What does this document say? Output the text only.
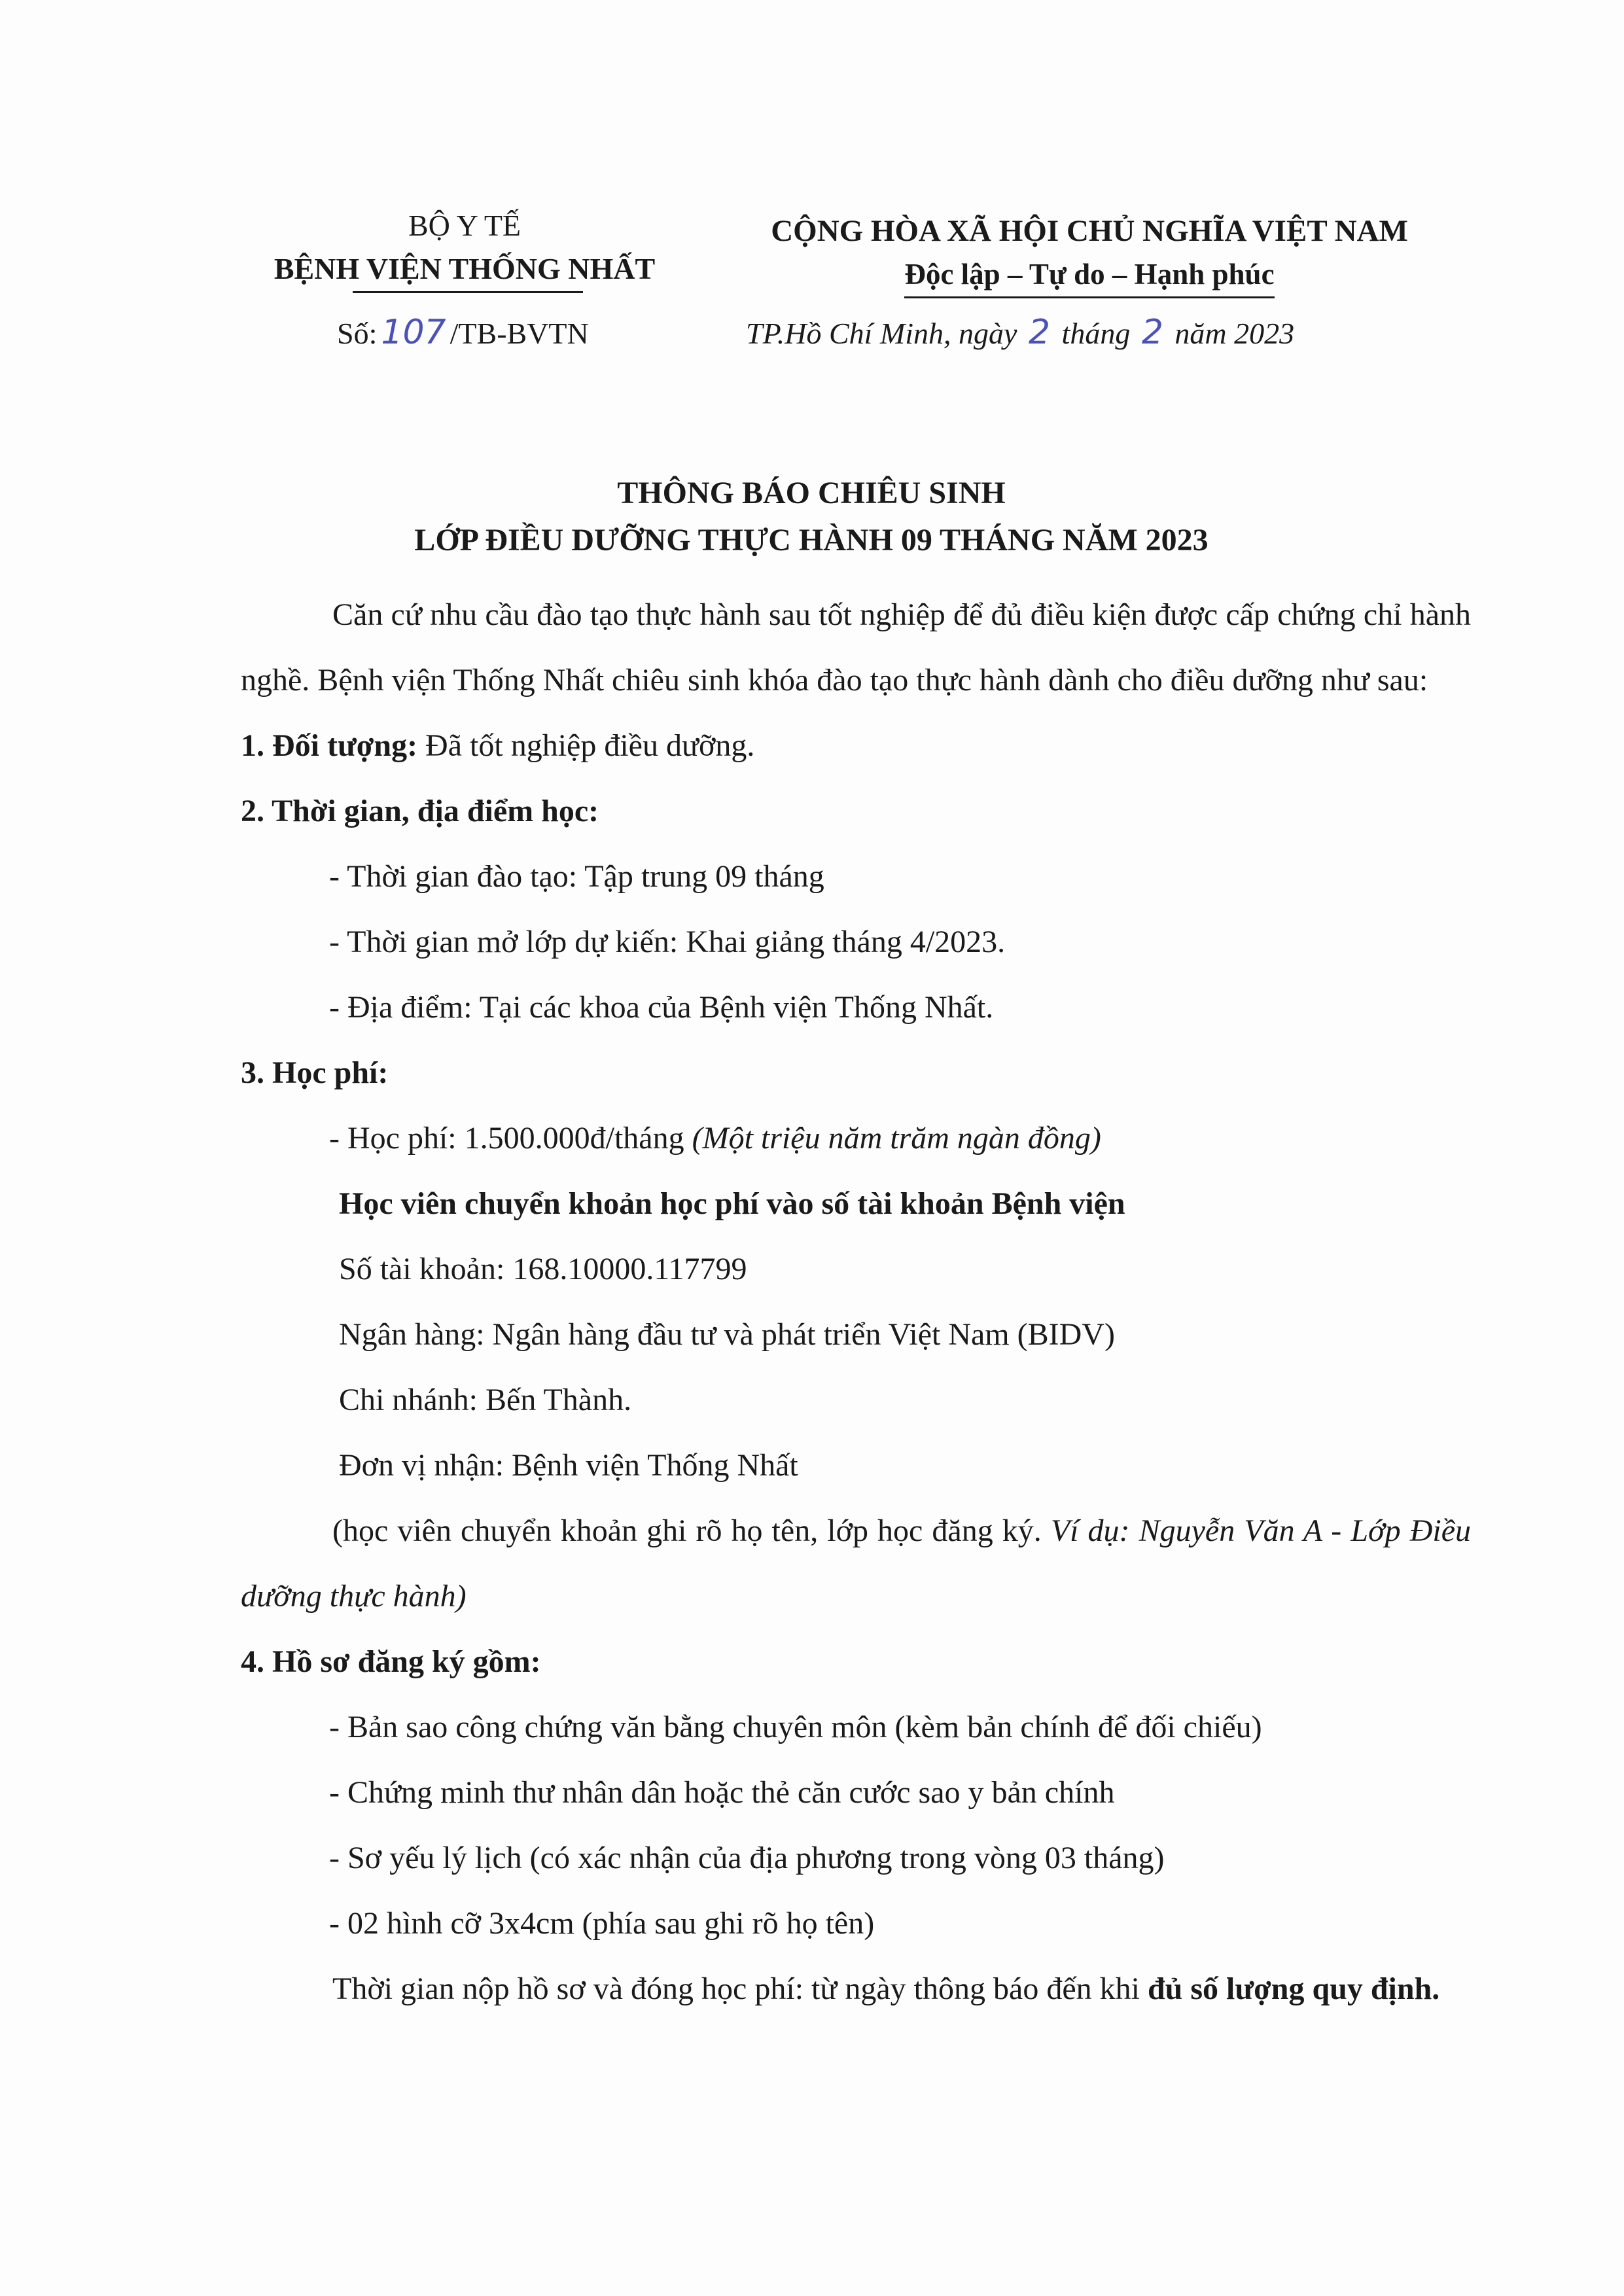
BỘ Y TẾ
BỆNH VIỆN THỐNG NHẤT
CỘNG HÒA XÃ HỘI CHỦ NGHĨA VIỆT NAM
Độc lập – Tự do – Hạnh phúc
Số: 107 /TB-BVTN	TP.Hồ Chí Minh, ngày 2 tháng 2 năm 2023
THÔNG BÁO CHIÊU SINH
LỚP ĐIỀU DƯỠNG THỰC HÀNH 09 THÁNG NĂM 2023

Căn cứ nhu cầu đào tạo thực hành sau tốt nghiệp để đủ điều kiện được cấp chứng chỉ hành nghề. Bệnh viện Thống Nhất chiêu sinh khóa đào tạo thực hành dành cho điều dưỡng như sau:

1. Đối tượng: Đã tốt nghiệp điều dưỡng.

2. Thời gian, địa điểm học:

- Thời gian đào tạo: Tập trung 09 tháng

- Thời gian mở lớp dự kiến: Khai giảng tháng 4/2023.

- Địa điểm: Tại các khoa của Bệnh viện Thống Nhất.

3. Học phí:

- Học phí: 1.500.000đ/tháng (Một triệu năm trăm ngàn đồng)

Học viên chuyển khoản học phí vào số tài khoản Bệnh viện

Số tài khoản: 168.10000.117799

Ngân hàng: Ngân hàng đầu tư và phát triển Việt Nam (BIDV)

Chi nhánh: Bến Thành.

Đơn vị nhận: Bệnh viện Thống Nhất

(học viên chuyển khoản ghi rõ họ tên, lớp học đăng ký. Ví dụ: Nguyễn Văn A - Lớp Điều dưỡng thực hành)

4. Hồ sơ đăng ký gồm:

- Bản sao công chứng văn bằng chuyên môn (kèm bản chính để đối chiếu)

- Chứng minh thư nhân dân hoặc thẻ căn cước sao y bản chính

- Sơ yếu lý lịch (có xác nhận của địa phương trong vòng 03 tháng)

- 02 hình cỡ 3x4cm (phía sau ghi rõ họ tên)

Thời gian nộp hồ sơ và đóng học phí: từ ngày thông báo đến khi đủ số lượng quy định.
